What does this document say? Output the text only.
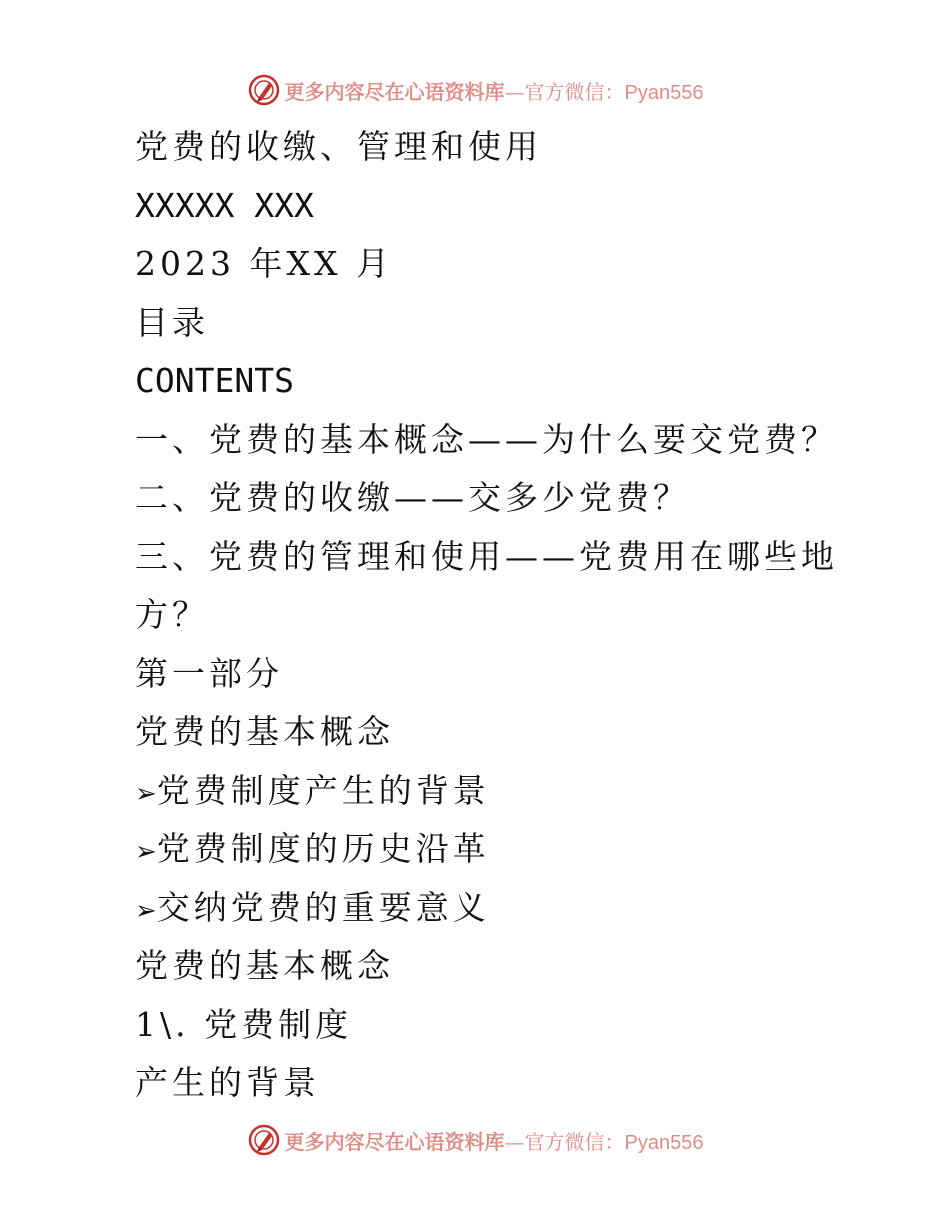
更多内容尽在心语资料库—官方微信：Pyan556
党费的收缴、管理和使用
XXXXX XXX
2023 年XX 月
目录
CONTENTS
一、党费的基本概念——为什么要交党费？
二、党费的收缴——交多少党费？
三、党费的管理和使用——党费用在哪些地
方？
第一部分
党费的基本概念
➢党费制度产生的背景
➢党费制度的历史沿革
➢交纳党费的重要意义
党费的基本概念
1\. 党费制度
产生的背景
更多内容尽在心语资料库—官方微信：Pyan556
